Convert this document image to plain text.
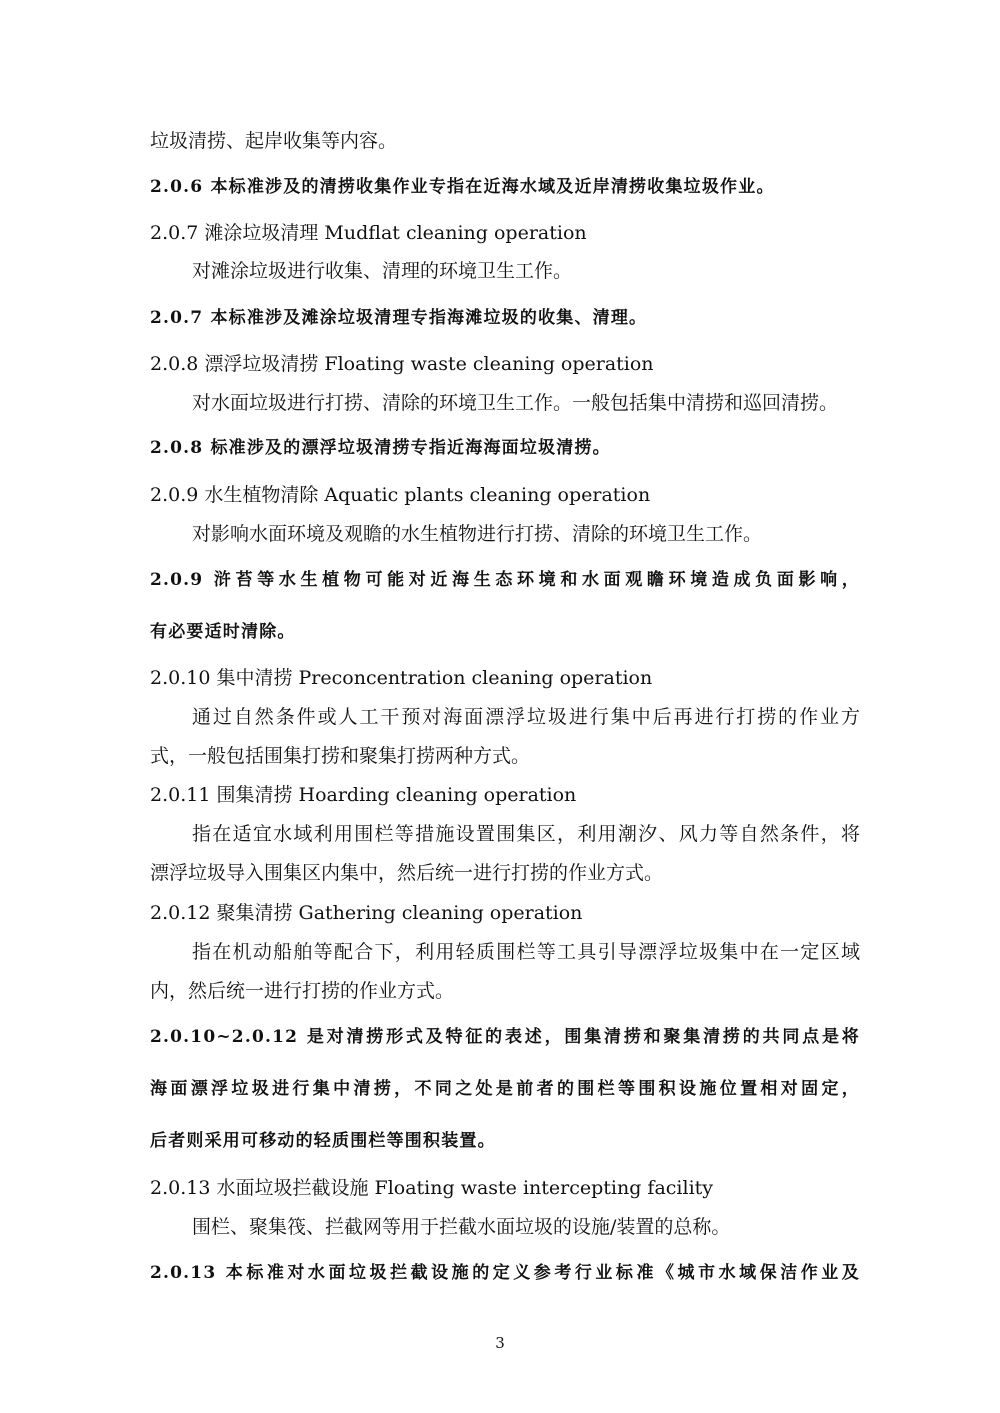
垃圾清捞、起岸收集等内容。
2.0.6 本标准涉及的清捞收集作业专指在近海水域及近岸清捞收集垃圾作业。
2.0.7 滩涂垃圾清理 Mudflat cleaning operation
对滩涂垃圾进行收集、清理的环境卫生工作。
2.0.7 本标准涉及滩涂垃圾清理专指海滩垃圾的收集、清理。
2.0.8 漂浮垃圾清捞 Floating waste cleaning operation
对水面垃圾进行打捞、清除的环境卫生工作。一般包括集中清捞和巡回清捞。
2.0.8 标准涉及的漂浮垃圾清捞专指近海海面垃圾清捞。
2.0.9 水生植物清除 Aquatic plants cleaning operation
对影响水面环境及观瞻的水生植物进行打捞、清除的环境卫生工作。
2.0.9 浒苔等水生植物可能对近海生态环境和水面观瞻环境造成负面影响，
有必要适时清除。
2.0.10 集中清捞 Preconcentration cleaning operation
通过自然条件或人工干预对海面漂浮垃圾进行集中后再进行打捞的作业方
式，一般包括围集打捞和聚集打捞两种方式。
2.0.11 围集清捞 Hoarding cleaning operation
指在适宜水域利用围栏等措施设置围集区，利用潮汐、风力等自然条件，将
漂浮垃圾导入围集区内集中，然后统一进行打捞的作业方式。
2.0.12 聚集清捞 Gathering cleaning operation
指在机动船舶等配合下，利用轻质围栏等工具引导漂浮垃圾集中在一定区域
内，然后统一进行打捞的作业方式。
2.0.10~2.0.12 是对清捞形式及特征的表述，围集清捞和聚集清捞的共同点是将
海面漂浮垃圾进行集中清捞，不同之处是前者的围栏等围积设施位置相对固定，
后者则采用可移动的轻质围栏等围积装置。
2.0.13 水面垃圾拦截设施 Floating waste intercepting facility
围栏、聚集筏、拦截网等用于拦截水面垃圾的设施/装置的总称。
2.0.13 本标准对水面垃圾拦截设施的定义参考行业标准《城市水域保洁作业及
3
